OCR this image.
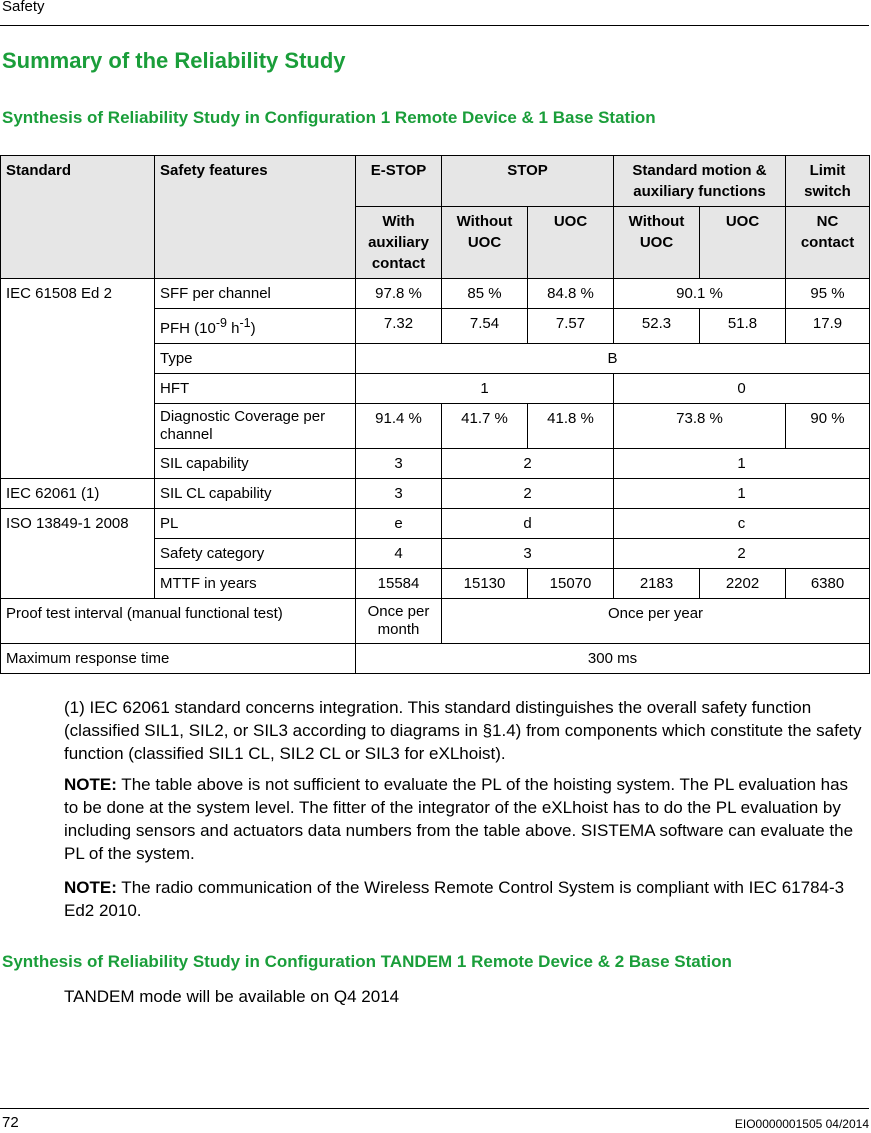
Safety
Summary of the Reliability Study
Synthesis of Reliability Study in Configuration 1 Remote Device & 1 Base Station
Standard	Safety features	E-STOP	STOP		Standard motion & auxiliary functions		Limit switch
		With auxiliary contact	Without UOC	UOC	Without UOC	UOC	NC contact
IEC 61508 Ed 2	SFF per channel	97.8 %	85 %	84.8 %	90.1 %		95 %
	PFH ($10^{-9}$ $h^{-1}$)	7.32	7.54	7.57	52.3	51.8	17.9
	Type	B					
	HFT	1			0		
	Diagnostic Coverage per channel	91.4 %	41.7 %	41.8 %	73.8 %		90 %
	SIL capability	3	2		1		
IEC 62061 (1)	SIL CL capability	3	2		1		
ISO 13849-1 2008	PL	e	d		c		
	Safety category	4	3		2		
	MTTF in years	15584	15130	15070	2183	2202	6380
Proof test interval (manual functional test)		Once per month	Once per year				
Maximum response time		300 ms					
(1) IEC 62061 standard concerns integration. This standard distinguishes the overall safety function (classified SIL1, SIL2, or SIL3 according to diagrams in §1.4) from components which constitute the safety function (classified SIL1 CL, SIL2 CL or SIL3 for eXLhoist).
NOTE: The table above is not sufficient to evaluate the PL of the hoisting system. The PL evaluation has to be done at the system level. The fitter of the integrator of the eXLhoist has to do the PL evaluation by including sensors and actuators data numbers from the table above. SISTEMA software can evaluate the PL of the system.
NOTE: The radio communication of the Wireless Remote Control System is compliant with IEC 61784-3 Ed2 2010.
Synthesis of Reliability Study in Configuration TANDEM 1 Remote Device & 2 Base Station
TANDEM mode will be available on Q4 2014
72	EIO0000001505 04/2014
